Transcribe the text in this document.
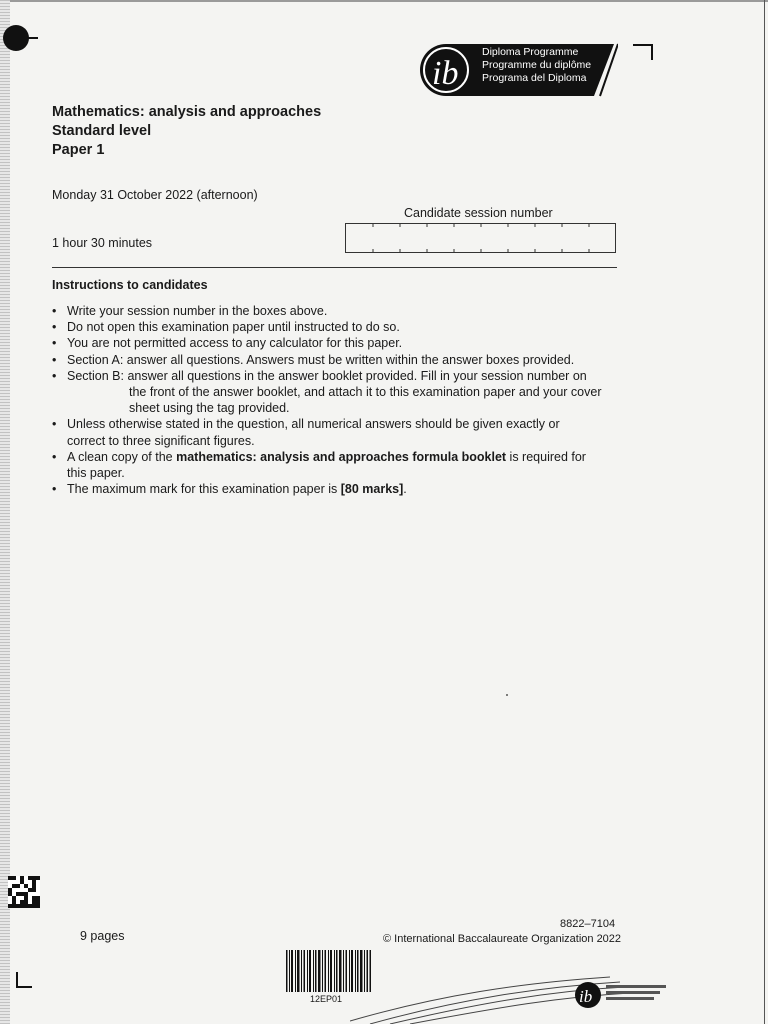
ib
Diploma Programme
Programme du diplôme
Programa del Diploma
Mathematics: analysis and approaches
Standard level
Paper 1
Monday 31 October 2022 (afternoon)
Candidate session number
1 hour 30 minutes
Instructions to candidates
• Write your session number in the boxes above.
• Do not open this examination paper until instructed to do so.
• You are not permitted access to any calculator for this paper.
• Section A: answer all questions. Answers must be written within the answer boxes provided.
• Section B: answer all questions in the answer booklet provided. Fill in your session number on
the front of the answer booklet, and attach it to this examination paper and your cover
sheet using the tag provided.
• Unless otherwise stated in the question, all numerical answers should be given exactly or
correct to three significant figures.
• A clean copy of the mathematics: analysis and approaches formula booklet is required for
this paper.
• The maximum mark for this examination paper is [80 marks].
9 pages
8822–7104
© International Baccalaureate Organization 2022
12EP01	ib
